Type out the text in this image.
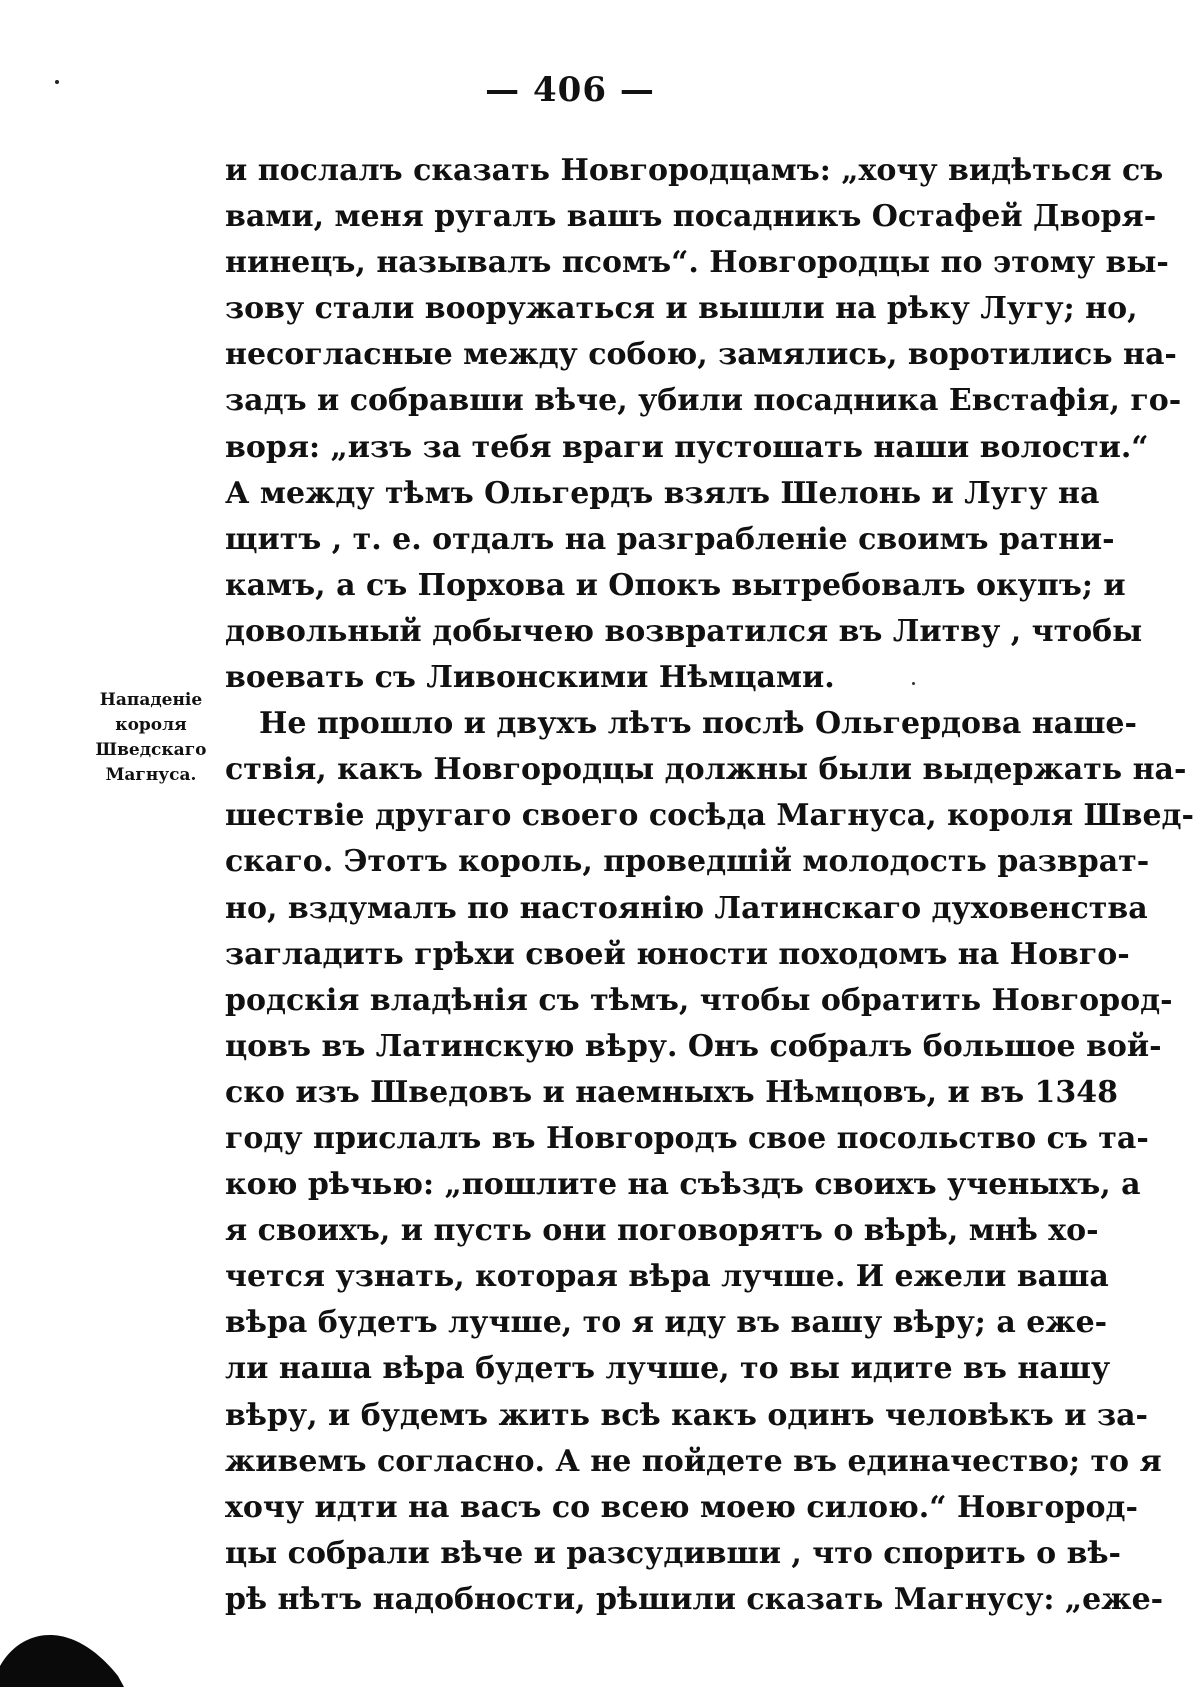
— 406 —
Нападеніе
короля
Шведскаго
Магнуса.
и послалъ сказать Новгородцамъ: „хочу видѣться съ
вами, меня ругалъ вашъ посадникъ Остафей Дворя-
нинецъ, называлъ псомъ“. Новгородцы по этому вы-
зову стали вооружаться и вышли на рѣку Лугу; но,
несогласные между собою, замялись, воротились на-
задъ и собравши вѣче, убили посадника Евстафія, го-
воря: „изъ за тебя враги пустошать наши волости.“
А между тѣмъ Ольгердъ взялъ Шелонь и Лугу на
щитъ , т. е. отдалъ на разграбленіе своимъ ратни-
камъ, а съ Порхова и Опокъ вытребовалъ окупъ; и
довольный добычею возвратился въ Литву , чтобы
воевать съ Ливонскими Нѣмцами.
Не прошло и двухъ лѣтъ послѣ Ольгердова наше-
ствія, какъ Новгородцы должны были выдержать на-
шествіе другаго своего сосѣда Магнуса, короля Швед-
скаго. Этотъ король, проведшій молодость разврат-
но, вздумалъ по настоянію Латинскаго духовенства
загладить грѣхи своей юности походомъ на Новго-
родскія владѣнія съ тѣмъ, чтобы обратить Новгород-
цовъ въ Латинскую вѣру. Онъ собралъ большое вой-
ско изъ Шведовъ и наемныхъ Нѣмцовъ, и въ 1348
году прислалъ въ Новгородъ свое посольство съ та-
кою рѣчью: „пошлите на съѣздъ своихъ ученыхъ, а
я своихъ, и пусть они поговорятъ о вѣрѣ, мнѣ хо-
чется узнать, которая вѣра лучше. И ежели ваша
вѣра будетъ лучше, то я иду въ вашу вѣру; а еже-
ли наша вѣра будетъ лучше, то вы идите въ нашу
вѣру, и будемъ жить всѣ какъ одинъ человѣкъ и за-
живемъ согласно. А не пойдете въ единачество; то я
хочу идти на васъ со всею моею силою.“ Новгород-
цы собрали вѣче и разсудивши , что спорить о вѣ-
рѣ нѣтъ надобности, рѣшили сказать Магнусу: „еже-
